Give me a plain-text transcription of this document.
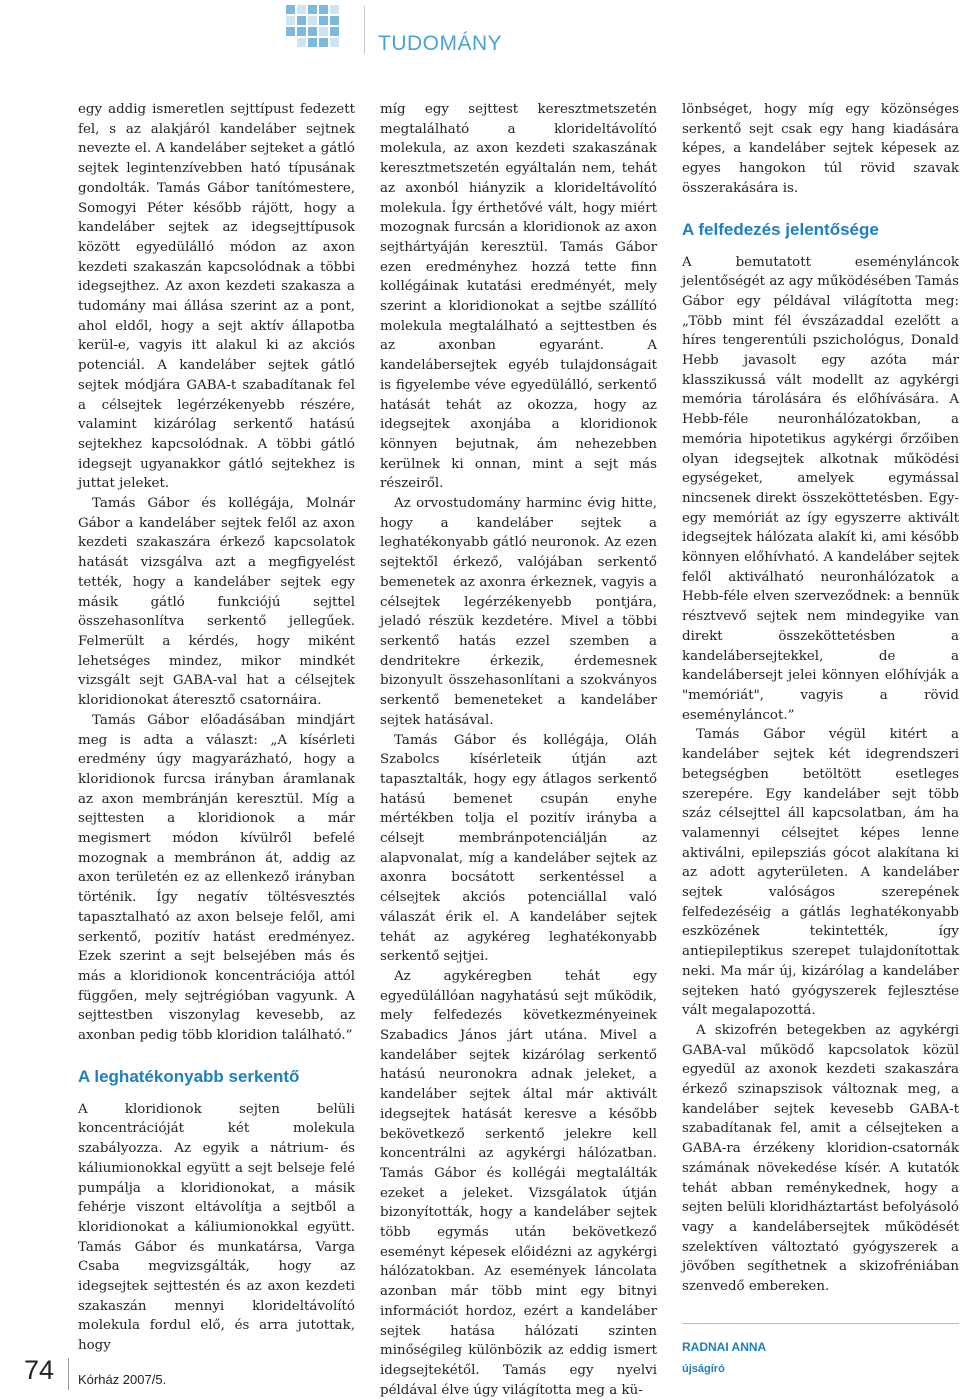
TUDOMÁNY

egy addig ismeretlen sejttípust fedezett fel, s az alakjáról kandeláber sejtnek nevezte el. A kandeláber sejteket a gátló sejtek legintenzívebben ható típusának gondolták. Tamás Gábor tanítómestere, Somogyi Péter később rájött, hogy a kandeláber sejtek az idegsejttípusok között egyedülálló módon az axon kezdeti szakaszán kapcsolódnak a többi idegsejthez. Az axon kezdeti szakasza a tudomány mai állása szerint az a pont, ahol eldől, hogy a sejt aktív állapotba kerül-e, vagyis itt alakul ki az akciós potenciál. A kandeláber sejtek gátló sejtek módjára GABA-t szabadítanak fel a célsejtek legérzékenyebb részére, valamint kizárólag serkentő hatású sejtekhez kapcsolódnak. A többi gátló idegsejt ugyanakkor gátló sejtekhez is juttat jeleket.

Tamás Gábor és kollégája, Molnár Gábor a kandeláber sejtek felől az axon kezdeti szakaszára érkező kapcsolatok hatását vizsgálva azt a megfigyelést tették, hogy a kandeláber sejtek egy másik gátló funkciójú sejttel összehasonlítva serkentő jellegűek. Felmerült a kérdés, hogy miként lehetséges mindez, mikor mindkét vizsgált sejt GABA-val hat a célsejtek kloridionokat áteresztő csatornáira.

Tamás Gábor előadásában mindjárt meg is adta a választ: „A kísérleti eredmény úgy magyarázható, hogy a kloridionok furcsa irányban áramlanak az axon membránján keresztül. Míg a sejttesten a kloridionok a már megismert módon kívülről befelé mozognak a membránon át, addig az axon területén ez az ellenkező irányban történik. Így negatív töltésvesztés tapasztalható az axon belseje felől, ami serkentő, pozitív hatást eredményez. Ezek szerint a sejt belsejében más és más a kloridionok koncentrációja attól függően, mely sejtrégióban vagyunk. A sejttestben viszonylag kevesebb, az axonban pedig több kloridion található.”

A leghatékonyabb serkentő

A kloridionok sejten belüli koncentrációját két molekula szabályozza. Az egyik a nátrium- és káliumionokkal együtt a sejt belseje felé pumpálja a kloridionokat, a másik fehérje viszont eltávolítja a sejtből a kloridionokat a káliumionokkal együtt. Tamás Gábor és munkatársa, Varga Csaba megvizsgálták, hogy az idegsejtek sejttestén és az axon kezdeti szakaszán mennyi klorideltávolító molekula fordul elő, és arra jutottak, hogy

míg egy sejttest keresztmetszetén megtalálható a klorideltávolító molekula, az axon kezdeti szakaszának keresztmetszetén egyáltalán nem, tehát az axonból hiányzik a klorideltávolító molekula. Így érthetővé vált, hogy miért mozognak furcsán a kloridionok az axon sejthártyáján keresztül. Tamás Gábor ezen eredményhez hozzá tette finn kollégáinak kutatási eredményét, mely szerint a kloridionokat a sejtbe szállító molekula megtalálható a sejttestben és az axonban egyaránt. A kandelábersejtek egyéb tulajdonságait is figyelembe véve egyedülálló, serkentő hatását tehát az okozza, hogy az idegsejtek axonjába a kloridionok könnyen bejutnak, ám nehezebben kerülnek ki onnan, mint a sejt más részeiről.

Az orvostudomány harminc évig hitte, hogy a kandeláber sejtek a leghatékonyabb gátló neuronok. Az ezen sejtektől érkező, valójában serkentő bemenetek az axonra érkeznek, vagyis a célsejtek legérzékenyebb pontjára, jeladó részük kezdetére. Mivel a többi serkentő hatás ezzel szemben a dendritekre érkezik, érdemesnek bizonyult összehasonlítani a szokványos serkentő bemeneteket a kandeláber sejtek hatásával.

Tamás Gábor és kollégája, Oláh Szabolcs kísérleteik útján azt tapasztalták, hogy egy átlagos serkentő hatású bemenet csupán enyhe mértékben tolja el pozitív irányba a célsejt membránpotenciálján az alapvonalat, míg a kandeláber sejtek az axonra bocsátott serkentéssel a célsejtek akciós potenciállal való válaszát érik el. A kandeláber sejtek tehát az agykéreg leghatékonyabb serkentő sejtjei.

Az agykéregben tehát egy egyedülállóan nagyhatású sejt működik, mely felfedezés következményeinek Szabadics János járt utána. Mivel a kandeláber sejtek kizárólag serkentő hatású neuronokra adnak jeleket, a kandeláber sejtek által már aktivált idegsejtek hatását keresve a később bekövetkező serkentő jelekre kell koncentrálni az agykérgi hálózatban. Tamás Gábor és kollégái megtalálták ezeket a jeleket. Vizsgálatok útján bizonyították, hogy a kandeláber sejtek több egymás után bekövetkező eseményt képesek előidézni az agykérgi hálózatokban. Az események láncolata azonban már több mint egy bitnyi információt hordoz, ezért a kandeláber sejtek hatása hálózati szinten minőségileg különbözik az eddig ismert idegsejtekétől. Tamás egy nyelvi példával élve úgy világította meg a kü-

lönbséget, hogy míg egy közönséges serkentő sejt csak egy hang kiadására képes, a kandeláber sejtek képesek az egyes hangokon túl rövid szavak összerakására is.

A felfedezés jelentősége

A bemutatott eseményláncok jelentőségét az agy működésében Tamás Gábor egy példával világította meg: „Több mint fél évszázaddal ezelőtt a híres tengerentúli pszichológus, Donald Hebb javasolt egy azóta már klasszikussá vált modellt az agykérgi memória tárolására és előhívására. A Hebb-féle neuronhálózatokban, a memória hipotetikus agykérgi őrzőiben olyan idegsejtek alkotnak működési egységeket, amelyek egymással nincsenek direkt összeköttetésben. Egy-egy memóriát az így egyszerre aktivált idegsejtek hálózata alakít ki, ami később könnyen előhívható. A kandeláber sejtek felől aktiválható neuronhálózatok a Hebb-féle elven szerveződnek: a bennük résztvevő sejtek nem mindegyike van direkt összeköttetésben a kandelábersejtekkel, de a kandelábersejt jelei könnyen előhívják a "memóriát", vagyis a rövid eseményláncot.”

Tamás Gábor végül kitért a kandeláber sejtek két idegrendszeri betegségben betöltött esetleges szerepére. Egy kandeláber sejt több száz célsejttel áll kapcsolatban, ám ha valamennyi célsejtet képes lenne aktiválni, epilepsziás gócot alakítana ki az adott agyterületen. A kandeláber sejtek valóságos szerepének felfedezéséig a gátlás leghatékonyabb eszközének tekintették, így antiepileptikus szerepet tulajdonítottak neki. Ma már új, kizárólag a kandeláber sejteken ható gyógyszerek fejlesztése vált megalapozottá.

A skizofrén betegekben az agykérgi GABA-val működő kapcsolatok közül egyedül az axonok kezdeti szakaszára érkező szinapszisok változnak meg, a kandeláber sejtek kevesebb GABA-t szabadítanak fel, amit a célsejteken a GABA-ra érzékeny kloridion-csatornák számának növekedése kísér. A kutatók tehát abban reménykednek, hogy a sejten belüli kloridháztartást befolyásoló vagy a kandelábersejtek működését szelektíven változtató gyógyszerek a jövőben segíthetnek a skizofréniában szenvedő embereken.

RADNAI ANNA
újságíró
74 Kórház 2007/5.
